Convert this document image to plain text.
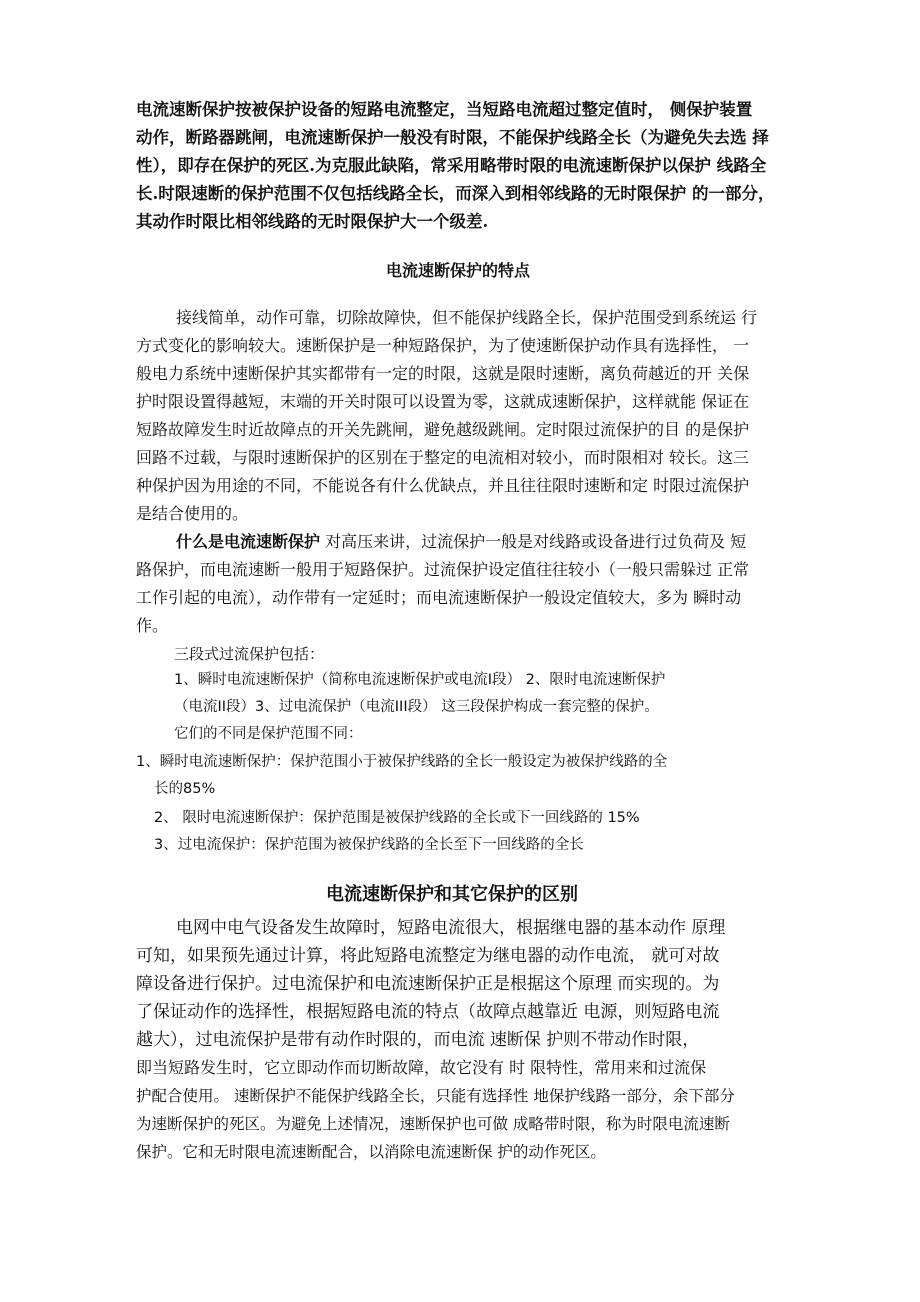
电流速断保护按被保护设备的短路电流整定，当短路电流超过整定值时， 侧保护装置
动作，断路器跳闸，电流速断保护一般没有时限，不能保护线路全长（为避免失去选 择
性），即存在保护的死区.为克服此缺陷，常采用略带时限的电流速断保护以保护 线路全
长.时限速断的保护范围不仅包括线路全长，而深入到相邻线路的无时限保护 的一部分，
其动作时限比相邻线路的无时限保护大一个级差.
电流速断保护的特点
接线简单，动作可靠，切除故障快，但不能保护线路全长，保护范围受到系统运 行
方式变化的影响较大。速断保护是一种短路保护，为了使速断保护动作具有选择性， 一
般电力系统中速断保护其实都带有一定的时限，这就是限时速断，离负荷越近的开 关保
护时限设置得越短，末端的开关时限可以设置为零，这就成速断保护，这样就能 保证在
短路故障发生时近故障点的开关先跳闸，避免越级跳闸。定时限过流保护的目 的是保护
回路不过载，与限时速断保护的区别在于整定的电流相对较小，而时限相对 较长。这三
种保护因为用途的不同，不能说各有什么优缺点，并且往往限时速断和定 时限过流保护
是结合使用的。
什么是电流速断保护 对高压来讲，过流保护一般是对线路或设备进行过负荷及 短
路保护，而电流速断一般用于短路保护。过流保护设定值往往较小（一般只需躲过 正常
工作引起的电流），动作带有一定延时；而电流速断保护一般设定值较大，多为 瞬时动
作。
三段式过流保护包括：
1、瞬时电流速断保护（简称电流速断保护或电流I段） 2、限时电流速断保护
（电流II段）3、过电流保护（电流III段） 这三段保护构成一套完整的保护。
它们的不同是保护范围不同：
1、瞬时电流速断保护：保护范围小于被保护线路的全长一般设定为被保护线路的全
长的85%
2、 限时电流速断保护：保护范围是被保护线路的全长或下一回线路的 15%
3、过电流保护：保护范围为被保护线路的全长至下一回线路的全长
电流速断保护和其它保护的区别
电网中电气设备发生故障时，短路电流很大，根据继电器的基本动作 原理
可知，如果预先通过计算，将此短路电流整定为继电器的动作电流， 就可对故
障设备进行保护。过电流保护和电流速断保护正是根据这个原理 而实现的。为
了保证动作的选择性，根据短路电流的特点（故障点越靠近 电源，则短路电流
越大），过电流保护是带有动作时限的，而电流 速断保 护则不带动作时限，
即当短路发生时，它立即动作而切断故障，故它没有 时 限特性，常用来和过流保
护配合使用。 速断保护不能保护线路全长，只能有选择性 地保护线路一部分，余下部分
为速断保护的死区。为避免上述情况，速断保护也可做 成略带时限，称为时限电流速断
保护。它和无时限电流速断配合，以消除电流速断保 护的动作死区。
